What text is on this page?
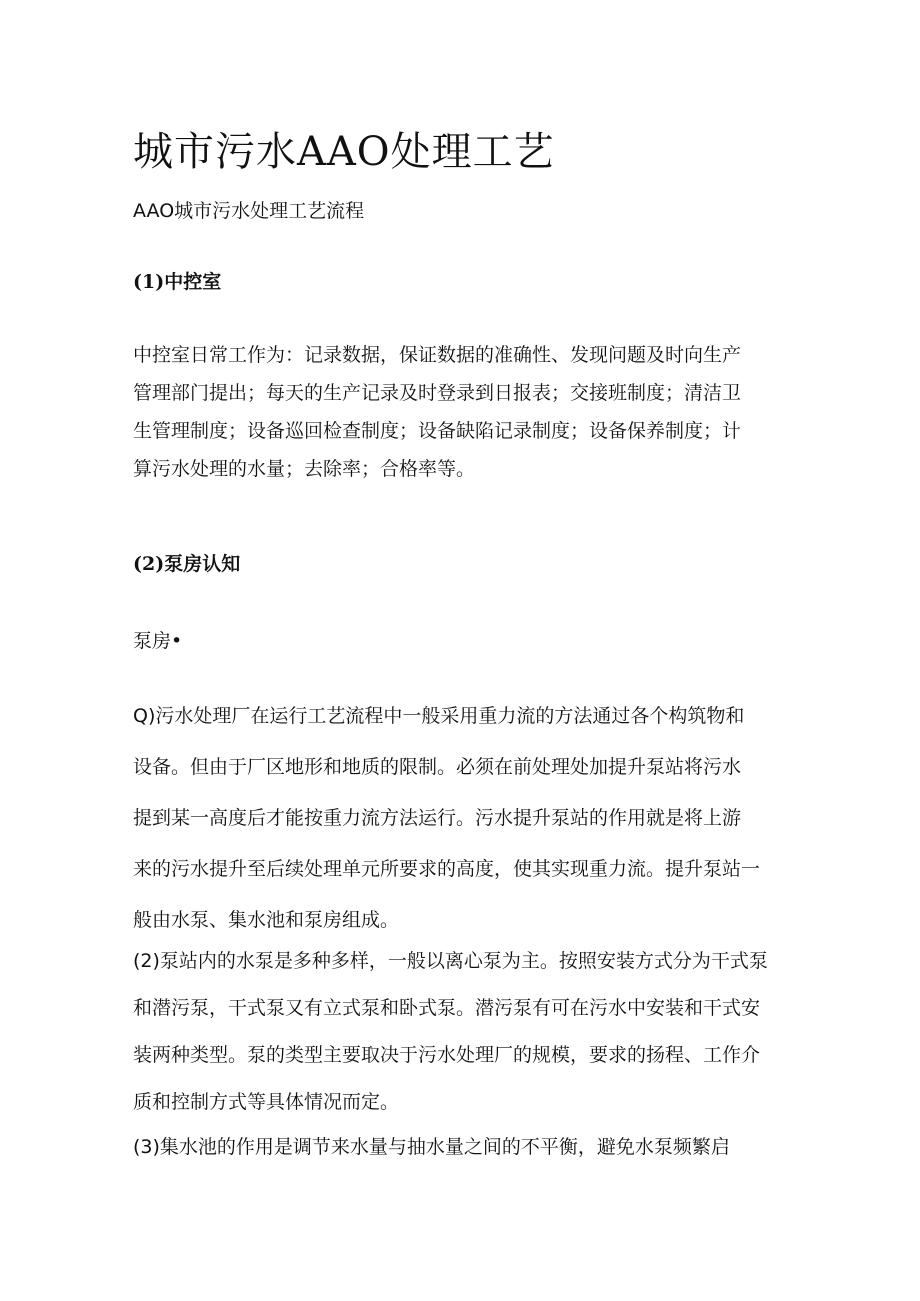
城市污水AAO处理工艺

AAO城市污水处理工艺流程

(1)中控室
中控室日常工作为：记录数据，保证数据的准确性、发现问题及时向生产
管理部门提出；每天的生产记录及时登录到日报表；交接班制度；清洁卫
生管理制度；设备巡回检查制度；设备缺陷记录制度；设备保养制度；计
算污水处理的水量；去除率；合格率等。
(2)泵房认知

泵房•

Q)污水处理厂在运行工艺流程中一般采用重力流的方法通过各个构筑物和
设备。但由于厂区地形和地质的限制。必须在前处理处加提升泵站将污水
提到某一高度后才能按重力流方法运行。污水提升泵站的作用就是将上游
来的污水提升至后续处理单元所要求的高度，使其实现重力流。提升泵站一
般由水泵、集水池和泵房组成。
(2)泵站内的水泵是多种多样，一般以离心泵为主。按照安装方式分为干式泵
和潜污泵，干式泵又有立式泵和卧式泵。潜污泵有可在污水中安装和干式安
装两种类型。泵的类型主要取决于污水处理厂的规模，要求的扬程、工作介
质和控制方式等具体情况而定。
(3)集水池的作用是调节来水量与抽水量之间的不平衡，避免水泵频繁启
